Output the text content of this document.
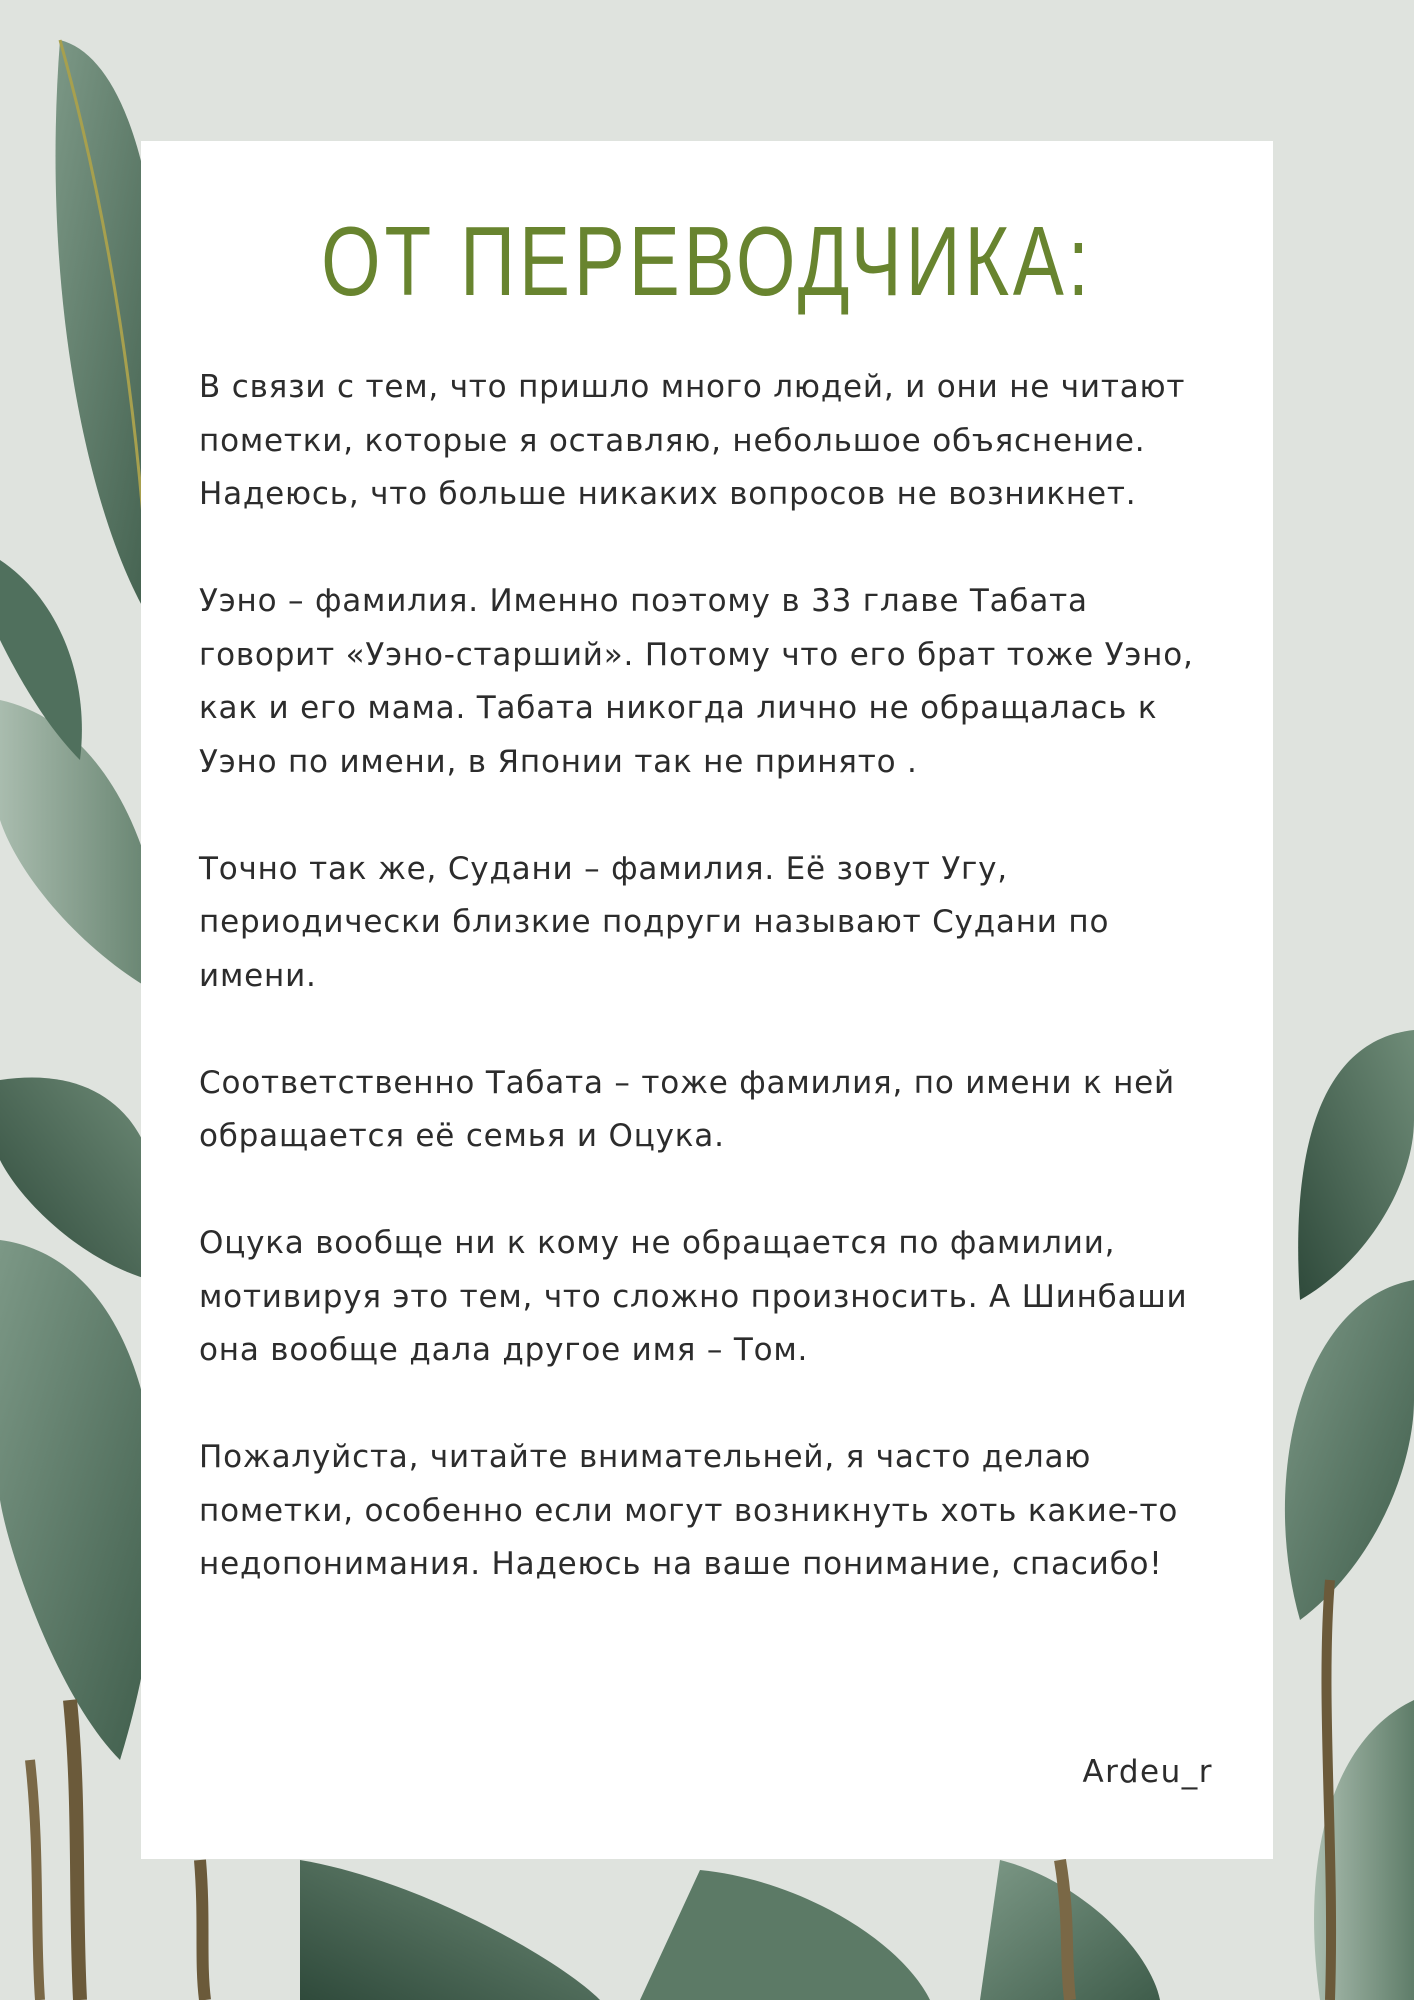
ОТ ПЕРЕВОДЧИКА:

В связи с тем, что пришло много людей, и они не читают пометки, которые я оставляю, небольшое объяснение. Надеюсь, что больше никаких вопросов не возникнет.

Уэно – фамилия. Именно поэтому в 33 главе Табата говорит «Уэно-старший». Потому что его брат тоже Уэно, как и его мама. Табата никогда лично не обращалась к Уэно по имени, в Японии так не принято .

Точно так же, Судани – фамилия. Её зовут Угу, периодически близкие подруги называют Судани по имени.

Соответственно Табата – тоже фамилия, по имени к ней обращается её семья и Оцука.

Оцука вообще ни к кому не обращается по фамилии, мотивируя это тем, что сложно произносить. А Шинбаши она вообще дала другое имя – Том.

Пожалуйста, читайте внимательней, я часто делаю пометки, особенно если могут возникнуть хоть какие-то недопонимания. Надеюсь на ваше понимание, спасибо!

Ardeu_r
